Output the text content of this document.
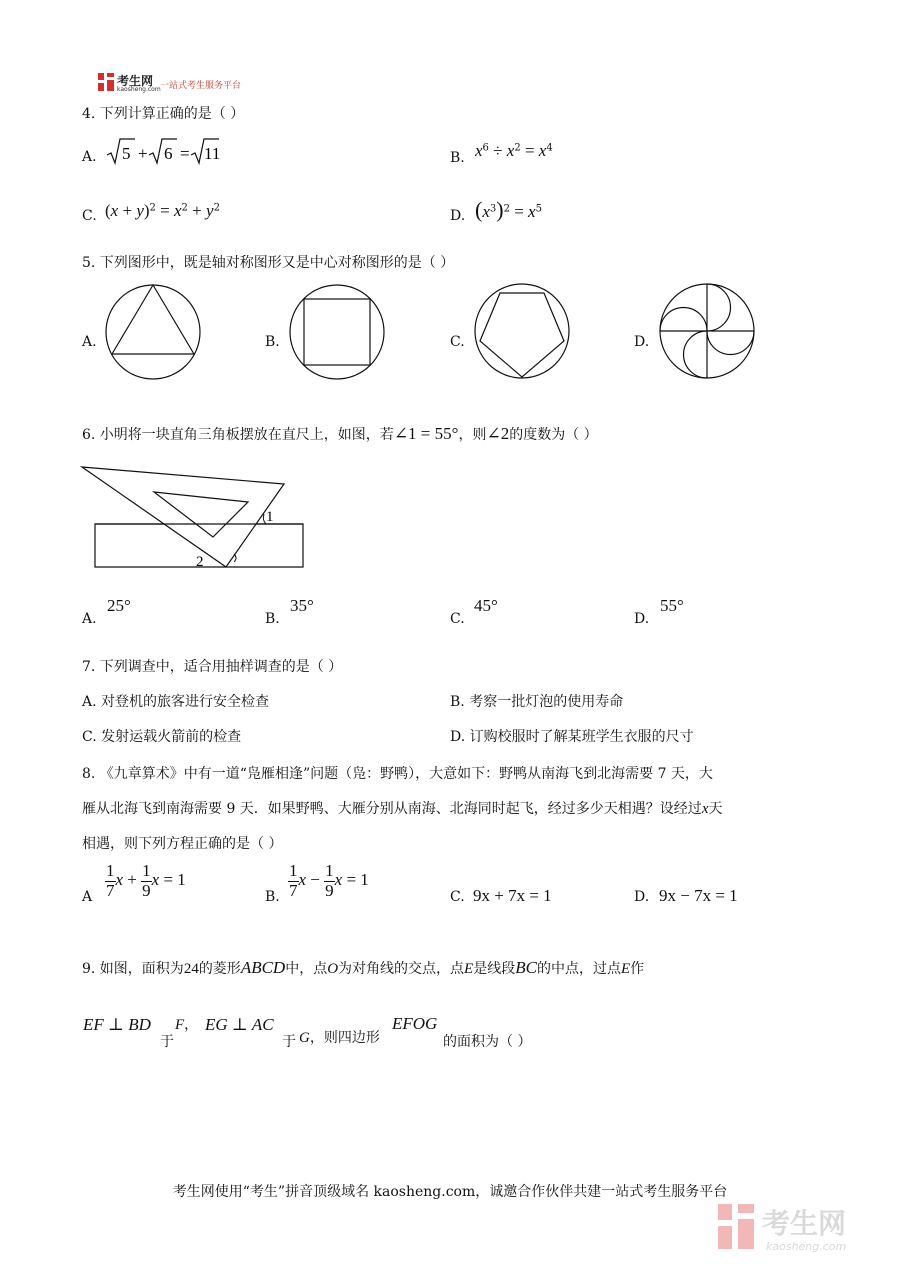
考生网
kaosheng.com 一站式考生服务平台
4. 下列计算正确的是（ ）
A. 5 + 6 = 11	B. $x^6 \div x^2 = x^4$
C. $(x + y)^2 = x^2 + y^2$
D. $(x^3)^2 = x^5$
5. 下列图形中，既是轴对称图形又是中心对称图形的是（ ）
A.	B.	C.	D.
6. 小明将一块直角三角板摆放在直尺上，如图，若∠1 = 55°，则∠2的度数为（ ）
1
2
A.
25°
B.
35°
C.
45°
D.
55°
7. 下列调查中，适合用抽样调查的是（ ）
A. 对登机的旅客进行安全检查	B. 考察一批灯泡的使用寿命
C. 发射运载火箭前的检查	D. 订购校服时了解某班学生衣服的尺寸
8. 《九章算术》中有一道“凫雁相逢”问题（凫：野鸭），大意如下：野鸭从南海飞到北海需要 7 天，大
雁从北海飞到南海需要 9 天．如果野鸭、大雁分别从南海、北海同时起飞，经过多少天相遇？设经过x天
相遇，则下列方程正确的是（ ）
A $\frac{1}{7}$ $x + \frac{1}{9}$ x = 1
B. $\frac{1}{7}$ $x - \frac{1}{9}$ x = 1
C. 9x + 7x = 1	D. 9x − 7x = 1
9. 如图，面积为24的菱形ABCD中，点O为对角线的交点，点E是线段BC的中点，过点E作
EF ⊥ BD
于
F， EG ⊥ AC
于 G，则四边形
EFOG
的面积为（ ）
考生网使用“考生”拼音顶级域名 kaosheng.com，诚邀合作伙伴共建一站式考生服务平台
考生网
kaosheng.com
